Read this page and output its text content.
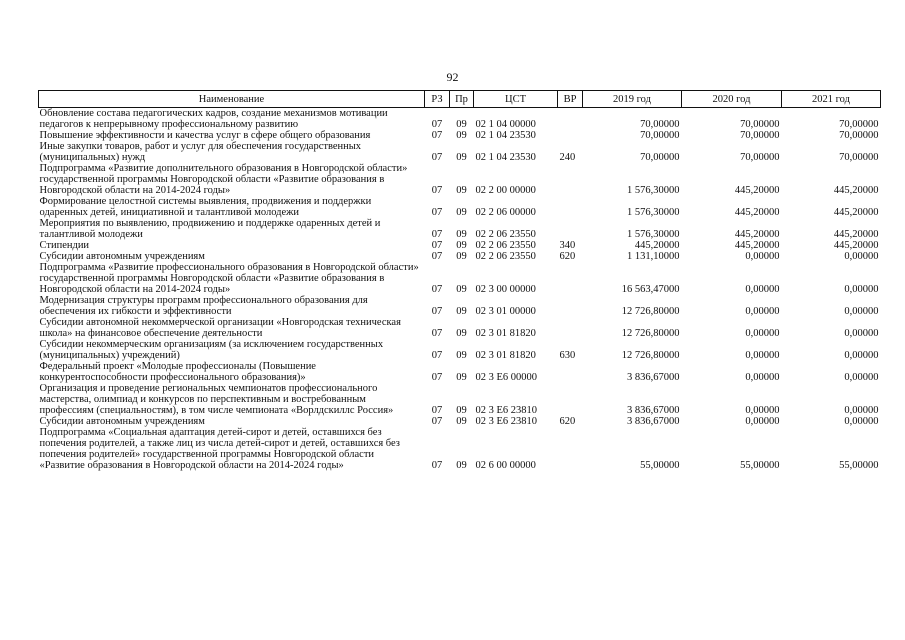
92
Наименование	РЗ	Пр	ЦСТ	ВР	2019 год	2020 год	2021 год
Обновление состава педагогических кадров, создание механизмов мотивации педагогов к непрерывному профессиональному развитию	07	09	02 1 04 00000		70,00000	70,00000	70,00000
Повышение эффективности и качества услуг в сфере общего образования	07	09	02 1 04 23530		70,00000	70,00000	70,00000
Иные закупки товаров, работ и услуг для обеспечения государственных (муниципальных) нужд	07	09	02 1 04 23530	240	70,00000	70,00000	70,00000
Подпрограмма «Развитие дополнительного образования в Новгородской области» государственной программы Новгородской области «Развитие образования в Новгородской области на 2014-2024 годы»	07	09	02 2 00 00000		1 576,30000	445,20000	445,20000
Формирование целостной системы выявления, продвижения и поддержки одаренных детей, инициативной и талантливой молодежи	07	09	02 2 06 00000		1 576,30000	445,20000	445,20000
Мероприятия по выявлению, продвижению и поддержке одаренных детей и талантливой молодежи	07	09	02 2 06 23550		1 576,30000	445,20000	445,20000
Стипендии	07	09	02 2 06 23550	340	445,20000	445,20000	445,20000
Субсидии автономным учреждениям	07	09	02 2 06 23550	620	1 131,10000	0,00000	0,00000
Подпрограмма «Развитие профессионального образования в Новгородской области» государственной программы Новгородской области «Развитие образования в Новгородской области на 2014-2024 годы»	07	09	02 3 00 00000		16 563,47000	0,00000	0,00000
Модернизация структуры программ профессионального образования для обеспечения их гибкости и эффективности	07	09	02 3 01 00000		12 726,80000	0,00000	0,00000
Субсидии автономной некоммерческой организации «Новгородская техническая школа» на финансовое обеспечение деятельности	07	09	02 3 01 81820		12 726,80000	0,00000	0,00000
Субсидии некоммерческим организациям (за исключением государственных (муниципальных) учреждений)	07	09	02 3 01 81820	630	12 726,80000	0,00000	0,00000
Федеральный проект «Молодые профессионалы (Повышение конкурентоспособности профессионального образования)»	07	09	02 3 E6 00000		3 836,67000	0,00000	0,00000
Организация и проведение региональных чемпионатов профессионального мастерства, олимпиад и конкурсов по перспективным и востребованным профессиям (специальностям), в том числе чемпионата «Ворлдскиллс Россия»	07	09	02 3 E6 23810		3 836,67000	0,00000	0,00000
Субсидии автономным учреждениям	07	09	02 3 E6 23810	620	3 836,67000	0,00000	0,00000
Подпрограмма «Социальная адаптация детей-сирот и детей, оставшихся без попечения родителей, а также лиц из числа детей-сирот и детей, оставшихся без попечения родителей» государственной программы Новгородской области «Развитие образования в Новгородской области на 2014-2024 годы»	07	09	02 6 00 00000		55,00000	55,00000	55,00000
